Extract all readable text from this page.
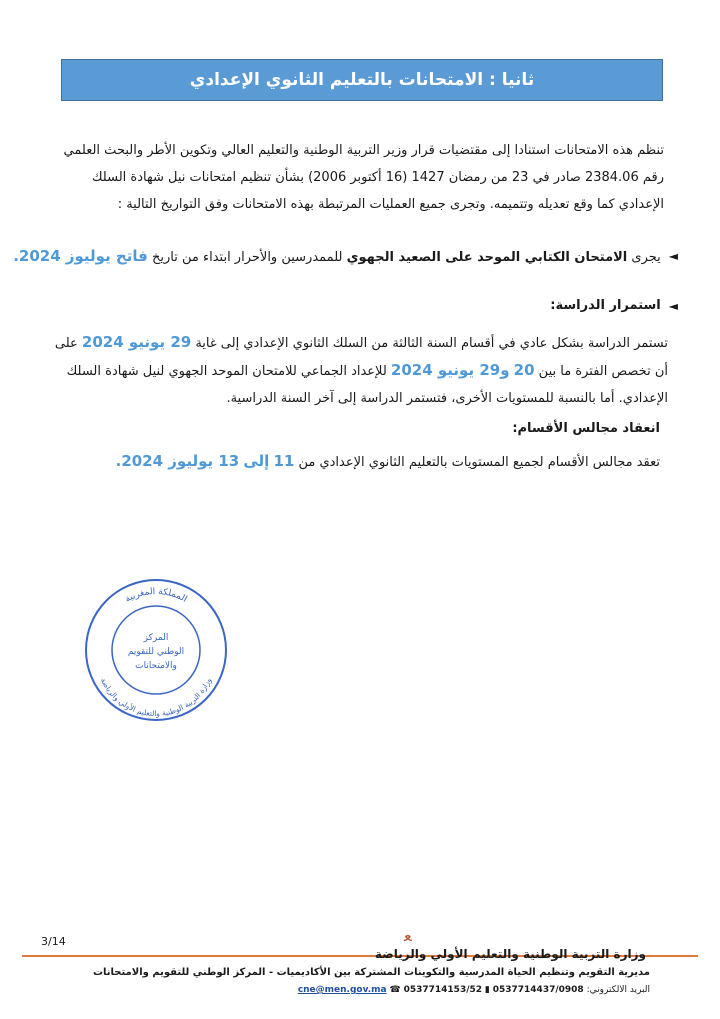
ثانيا : الامتحانات بالتعليم الثانوي الإعدادي
تنظم هذه الامتحانات استنادا إلى مقتضيات قرار وزير التربية الوطنية والتعليم العالي وتكوين الأطر والبحث العلمي
رقم 2384.06 صادر في 23 من رمضان 1427 (16 أكتوبر 2006) بشأن تنظيم امتحانات نيل شهادة السلك
الإعدادي كما وقع تعديله وتتميمه. وتجرى جميع العمليات المرتبطة بهذه الامتحانات وفق التواريخ التالية :
◄
يجرى الامتحان الكتابي الموحد على الصعيد الجهوي للممدرسين والأحرار ابتداء من تاريخ فاتح يوليوز 2024.
◄
استمرار الدراسة:
تستمر الدراسة بشكل عادي في أقسام السنة الثالثة من السلك الثانوي الإعدادي إلى غاية 29 يونيو 2024 على
أن تخصص الفترة ما بين 20 و29 يونيو 2024 للإعداد الجماعي للامتحان الموحد الجهوي لنيل شهادة السلك
الإعدادي. أما بالنسبة للمستويات الأخرى، فتستمر الدراسة إلى آخر السنة الدراسية.
انعقاد مجالس الأقسام:
تعقد مجالس الأقسام لجميع المستويات بالتعليم الثانوي الإعدادي من 11 إلى 13 يوليوز 2024.
المملكة المغربية
وزارة التربية الوطنية والتعليم الأولي والرياضة
المركز
الوطني للتقويم
والامتحانات
3/14	ﻌ
وزارة التربية الوطنية والتعليم الأولي والرياضة
مديرية التقويم وتنظيم الحياة المدرسية والتكوينات المشتركة بين الأكاديميات - المركز الوطني للتقويم والامتحانات
البريد الالكتروني: cne@men.gov.ma ☎ 0537714153/52 ▮ 0537714437/0908
